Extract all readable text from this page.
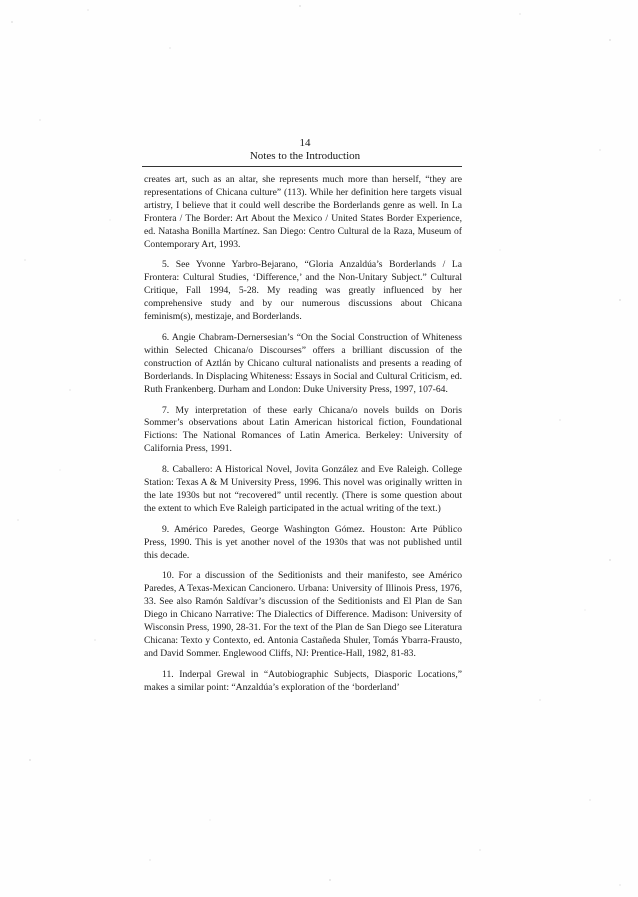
14
Notes to the Introduction

creates art, such as an altar, she represents much more than herself, “they are representations of Chicana culture” (113). While her definition here targets visual artistry, I believe that it could well describe the Borderlands genre as well. In La Frontera / The Border: Art About the Mexico / United States Border Experience, ed. Natasha Bonilla Martínez. San Diego: Centro Cultural de la Raza, Museum of Contemporary Art, 1993.

5. See Yvonne Yarbro-Bejarano, “Gloria Anzaldúa’s Borderlands / La Frontera: Cultural Studies, ‘Difference,’ and the Non-Unitary Subject.” Cultural Critique, Fall 1994, 5-28. My reading was greatly influenced by her comprehensive study and by our numerous discussions about Chicana feminism(s), mestizaje, and Borderlands.

6. Angie Chabram-Dernersesian’s “On the Social Construction of Whiteness within Selected Chicana/o Discourses” offers a brilliant discussion of the construction of Aztlán by Chicano cultural nationalists and presents a reading of Borderlands. In Displacing Whiteness: Essays in Social and Cultural Criticism, ed. Ruth Frankenberg. Durham and London: Duke University Press, 1997, 107-64.

7. My interpretation of these early Chicana/o novels builds on Doris Sommer’s observations about Latin American historical fiction, Foundational Fictions: The National Romances of Latin America. Berkeley: University of California Press, 1991.

8. Caballero: A Historical Novel, Jovita González and Eve Raleigh. College Station: Texas A & M University Press, 1996. This novel was originally written in the late 1930s but not “recovered” until recently. (There is some question about the extent to which Eve Raleigh participated in the actual writing of the text.)

9. Américo Paredes, George Washington Gómez. Houston: Arte Público Press, 1990. This is yet another novel of the 1930s that was not published until this decade.

10. For a discussion of the Seditionists and their manifesto, see Américo Paredes, A Texas-Mexican Cancionero. Urbana: University of Illinois Press, 1976, 33. See also Ramón Saldívar’s discussion of the Seditionists and El Plan de San Diego in Chicano Narrative: The Dialectics of Difference. Madison: University of Wisconsin Press, 1990, 28-31. For the text of the Plan de San Diego see Literatura Chicana: Texto y Contexto, ed. Antonia Castañeda Shuler, Tomás Ybarra-Frausto, and David Sommer. Englewood Cliffs, NJ: Prentice-Hall, 1982, 81-83.

11. Inderpal Grewal in “Autobiographic Subjects, Diasporic Locations,” makes a similar point: “Anzaldúa’s exploration of the ‘borderland’
